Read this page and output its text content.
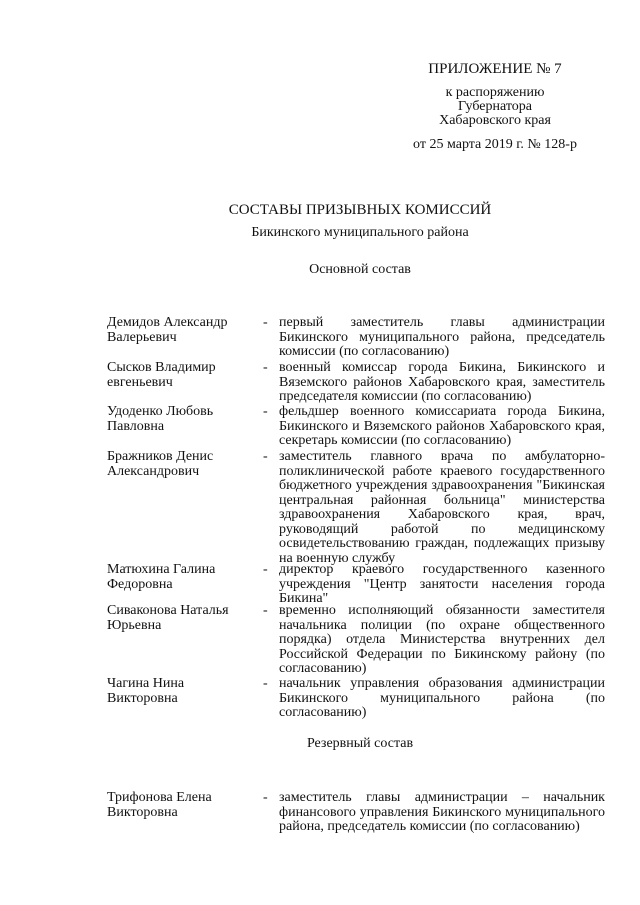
ПРИЛОЖЕНИЕ № 7
к распоряжению
Губернатора
Хабаровского края
от 25 марта 2019 г. № 128-р
СОСТАВЫ ПРИЗЫВНЫХ КОМИССИЙ
Бикинского муниципального района
Основной состав
Демидов Александр Валерьевич
- первый заместитель главы администрации Бикинского муниципального района, председатель комиссии (по согласованию)
Сысков Владимир евгеньевич
- военный комиссар города Бикина, Бикинского и Вяземского районов Хабаровского края, заместитель председателя комиссии (по согласованию)
Удоденко Любовь Павловна
- фельдшер военного комиссариата города Бикина, Бикинского и Вяземского районов Хабаровского края, секретарь комиссии (по согласованию)
Бражников Денис Александрович
- заместитель главного врача по амбулаторно-поликлинической работе краевого государственного бюджетного учреждения здравоохранения "Бикинская центральная районная больница" министерства здравоохранения Хабаровского края, врач, руководящий работой по медицинскому освидетельствованию граждан, подлежащих призыву на военную службу
Матюхина Галина Федоровна
- директор краевого государственного казенного учреждения "Центр занятости населения города Бикина"
Сиваконова Наталья Юрьевна
- временно исполняющий обязанности заместителя начальника полиции (по охране общественного порядка) отдела Министерства внутренних дел Российской Федерации по Бикинскому району (по согласованию)
Чагина Нина Викторовна
- начальник управления образования администрации Бикинского муниципального района (по согласованию)
Резервный состав
Трифонова Елена Викторовна
- заместитель главы администрации – начальник финансового управления Бикинского муниципального района, председатель комиссии (по согласованию)
